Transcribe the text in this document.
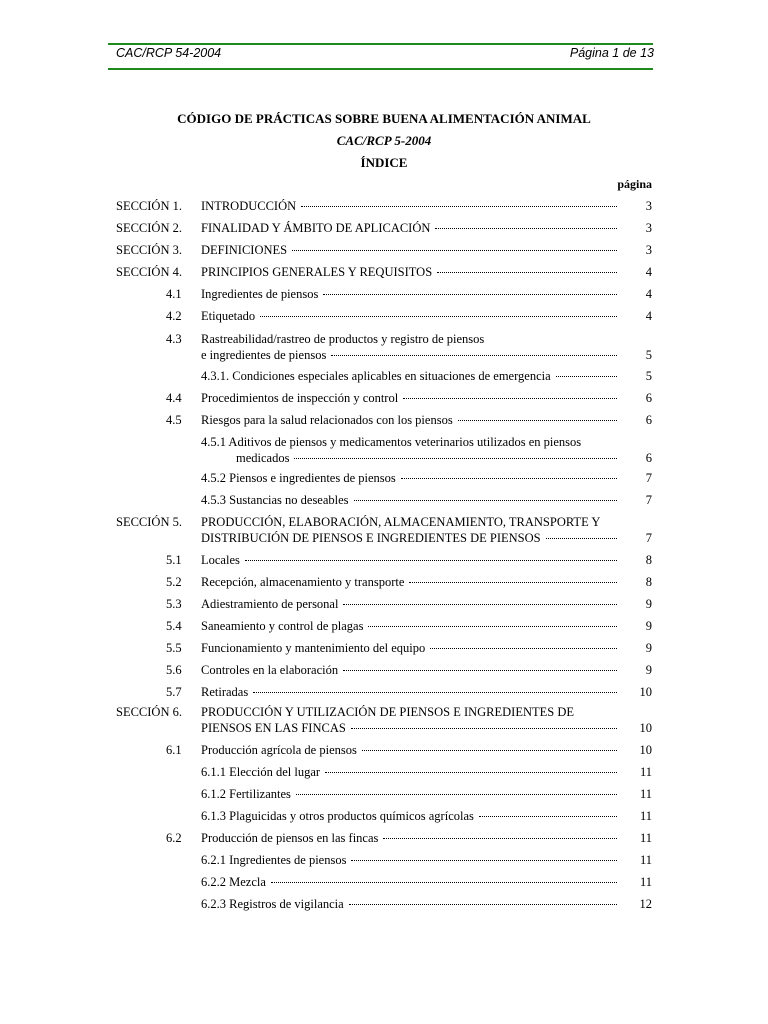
CAC/RCP 54-2004	Página 1 de 13
CÓDIGO DE PRÁCTICAS SOBRE BUENA ALIMENTACIÓN ANIMAL
CAC/RCP 5-2004
ÍNDICE
página
SECCIÓN 1. INTRODUCCIÓN	3
SECCIÓN 2. FINALIDAD Y ÁMBITO DE APLICACIÓN	3
SECCIÓN 3. DEFINICIONES	3
SECCIÓN 4. PRINCIPIOS GENERALES Y REQUISITOS	4
4.1 Ingredientes de piensos	4
4.2 Etiquetado	4
4.3 Rastreabilidad/rastreo de productos y registro de piensos
e ingredientes de piensos	5
4.3.1. Condiciones especiales aplicables en situaciones de emergencia	5
4.4 Procedimientos de inspección y control	6
4.5 Riesgos para la salud relacionados con los piensos	6
4.5.1 Aditivos de piensos y medicamentos veterinarios utilizados en piensos
medicados	6
4.5.2 Piensos e ingredientes de piensos	7
4.5.3 Sustancias no deseables	7
SECCIÓN 5. PRODUCCIÓN, ELABORACIÓN, ALMACENAMIENTO, TRANSPORTE Y
DISTRIBUCIÓN DE PIENSOS E INGREDIENTES DE PIENSOS	7
5.1 Locales	8
5.2 Recepción, almacenamiento y transporte	8
5.3 Adiestramiento de personal	9
5.4 Saneamiento y control de plagas	9
5.5 Funcionamiento y mantenimiento del equipo	9
5.6 Controles en la elaboración	9
5.7 Retiradas	10
SECCIÓN 6. PRODUCCIÓN Y UTILIZACIÓN DE PIENSOS E INGREDIENTES DE
PIENSOS EN LAS FINCAS	10
6.1 Producción agrícola de piensos	10
6.1.1 Elección del lugar	11
6.1.2 Fertilizantes	11
6.1.3 Plaguicidas y otros productos químicos agrícolas	11
6.2 Producción de piensos en las fincas	11
6.2.1 Ingredientes de piensos	11
6.2.2 Mezcla	11
6.2.3 Registros de vigilancia	12
